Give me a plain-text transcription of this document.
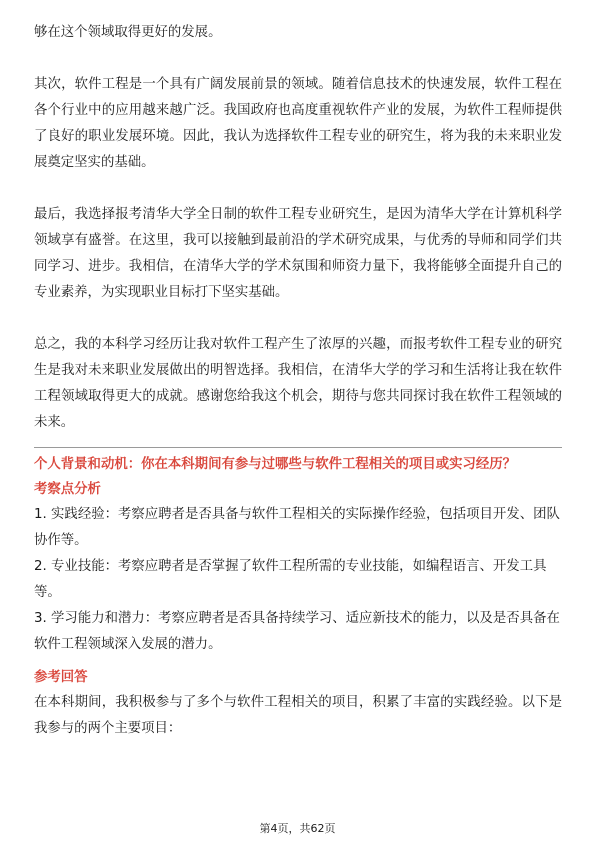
够在这个领域取得更好的发展。

其次，软件工程是一个具有广阔发展前景的领域。随着信息技术的快速发展，软件工程在各个行业中的应用越来越广泛。我国政府也高度重视软件产业的发展，为软件工程师提供了良好的职业发展环境。因此，我认为选择软件工程专业的研究生，将为我的未来职业发展奠定坚实的基础。

最后，我选择报考清华大学全日制的软件工程专业研究生，是因为清华大学在计算机科学领域享有盛誉。在这里，我可以接触到最前沿的学术研究成果，与优秀的导师和同学们共同学习、进步。我相信，在清华大学的学术氛围和师资力量下，我将能够全面提升自己的专业素养，为实现职业目标打下坚实基础。

总之，我的本科学习经历让我对软件工程产生了浓厚的兴趣，而报考软件工程专业的研究生是我对未来职业发展做出的明智选择。我相信，在清华大学的学习和生活将让我在软件工程领域取得更大的成就。感谢您给我这个机会，期待与您共同探讨我在软件工程领域的未来。

个人背景和动机：你在本科期间有参与过哪些与软件工程相关的项目或实习经历？

考察点分析

1. 实践经验：考察应聘者是否具备与软件工程相关的实际操作经验，包括项目开发、团队协作等。

2. 专业技能：考察应聘者是否掌握了软件工程所需的专业技能，如编程语言、开发工具等。

3. 学习能力和潜力：考察应聘者是否具备持续学习、适应新技术的能力，以及是否具备在软件工程领域深入发展的潜力。

参考回答

在本科期间，我积极参与了多个与软件工程相关的项目，积累了丰富的实践经验。以下是我参与的两个主要项目：

第4页，共62页
